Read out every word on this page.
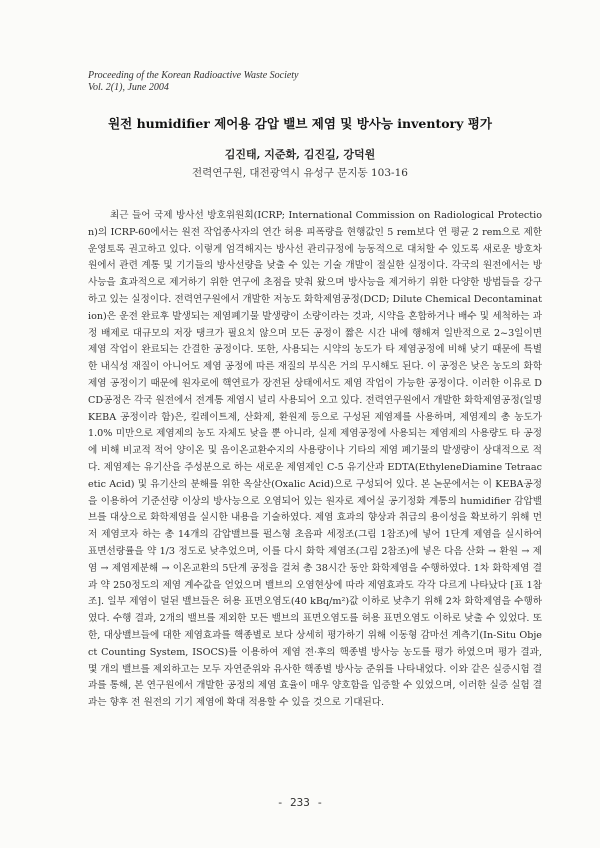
Proceeding of the Korean Radioactive Waste Society
Vol. 2(1), June 2004
원전 humidifier 제어용 감압 밸브 제염 및 방사능 inventory 평가
김진태, 지준화, 김진길, 강덕원
전력연구원, 대전광역시 유성구 문지동 103-16
최근 들어 국제 방사선 방호위원회(ICRP; International Commission on Radiological Protection)의 ICRP-60에서는 원전 작업종사자의 연간 허용 피폭량을 현행값인 5 rem보다 연 평균 2 rem으로 제한 운영토록 권고하고 있다. 이렇게 엄격해지는 방사선 관리규정에 능동적으로 대처할 수 있도록 새로운 방호차원에서 관련 계통 및 기기들의 방사선량을 낮출 수 있는 기술 개발이 절실한 실정이다. 각국의 원전에서는 방사능을 효과적으로 제거하기 위한 연구에 초점을 맞춰 왔으며 방사능을 제거하기 위한 다양한 방법들을 강구하고 있는 실정이다. 전력연구원에서 개발한 저농도 화학제염공정(DCD; Dilute Chemical Decontamination)은 운전 완료후 발생되는 제염폐기물 발생량이 소량이라는 것과, 시약을 혼합하거나 배수 및 세척하는 과정 배제로 대규모의 저장 탱크가 필요치 않으며 모든 공정이 짧은 시간 내에 행해져 일반적으로 2~3일이면 제염 작업이 완료되는 간결한 공정이다. 또한, 사용되는 시약의 농도가 타 제염공정에 비해 낮기 때문에 특별한 내식성 재질이 아니어도 제염 공정에 따른 재질의 부식은 거의 무시해도 된다. 이 공정은 낮은 농도의 화학제염 공정이기 때문에 원자로에 핵연료가 장전된 상태에서도 제염 작업이 가능한 공정이다. 이러한 이유로 DCD공정은 각국 원전에서 전계통 제염시 널리 사용되어 오고 있다. 전력연구원에서 개발한 화학제염공정(일명 KEBA 공정이라 함)은, 킬레이트제, 산화제, 환원제 등으로 구성된 제염제를 사용하며, 제염제의 총 농도가 1.0% 미만으로 제염제의 농도 자체도 낮을 뿐 아니라, 실제 제염공정에 사용되는 제염제의 사용량도 타 공정에 비해 비교적 적어 양이온 및 음이온교환수지의 사용량이나 기타의 제염 폐기물의 발생량이 상대적으로 적다. 제염제는 유기산을 주성분으로 하는 새로운 제염제인 C-5 유기산과 EDTA(EthyleneDiamine Tetraacetic Acid) 및 유기산의 분해를 위한 옥살산(Oxalic Acid)으로 구성되어 있다. 본 논문에서는 이 KEBA공정을 이용하여 기준선량 이상의 방사능으로 오염되어 있는 원자로 제어실 공기정화 계통의 humidifier 감압밸브를 대상으로 화학제염을 실시한 내용을 기술하였다. 제염 효과의 향상과 취급의 용이성을 확보하기 위해 먼저 제염코자 하는 총 14개의 감압밸브를 펄스형 초음파 세정조(그림 1참조)에 넣어 1단계 제염을 실시하여 표면선량률을 약 1/3 정도로 낮추었으며, 이를 다시 화학 제염조(그림 2참조)에 넣은 다음 산화 → 환원 → 제염 → 제염제분해 → 이온교환의 5단계 공정을 걸쳐 총 38시간 동안 화학제염을 수행하였다. 1차 화학제염 결과 약 250정도의 제염 계수값을 얻었으며 밸브의 오염현상에 따라 제염효과도 각각 다르게 나타났다 [표 1참조]. 일부 제염이 덜된 밸브들은 허용 표면오염도(40 kBq/m²)값 이하로 낮추기 위해 2차 화학제염을 수행하였다. 수행 결과, 2개의 밸브를 제외한 모든 밸브의 표면오염도를 허용 표면오염도 이하로 낮출 수 있었다. 또한, 대상밸브들에 대한 제염효과를 핵종별로 보다 상세히 평가하기 위해 이동형 감마선 계측기(In-Situ Object Counting System, ISOCS)를 이용하여 제염 전·후의 핵종별 방사능 농도를 평가 하였으며 평가 결과, 몇 개의 밸브를 제외하고는 모두 자연준위와 유사한 핵종별 방사능 준위를 나타내었다. 이와 같은 실증시험 결과를 통해, 본 연구원에서 개발한 공정의 제염 효율이 매우 양호함을 입증할 수 있었으며, 이러한 실증 실험 결과는 향후 전 원전의 기기 제염에 확대 적용할 수 있을 것으로 기대된다.
- 233 -
